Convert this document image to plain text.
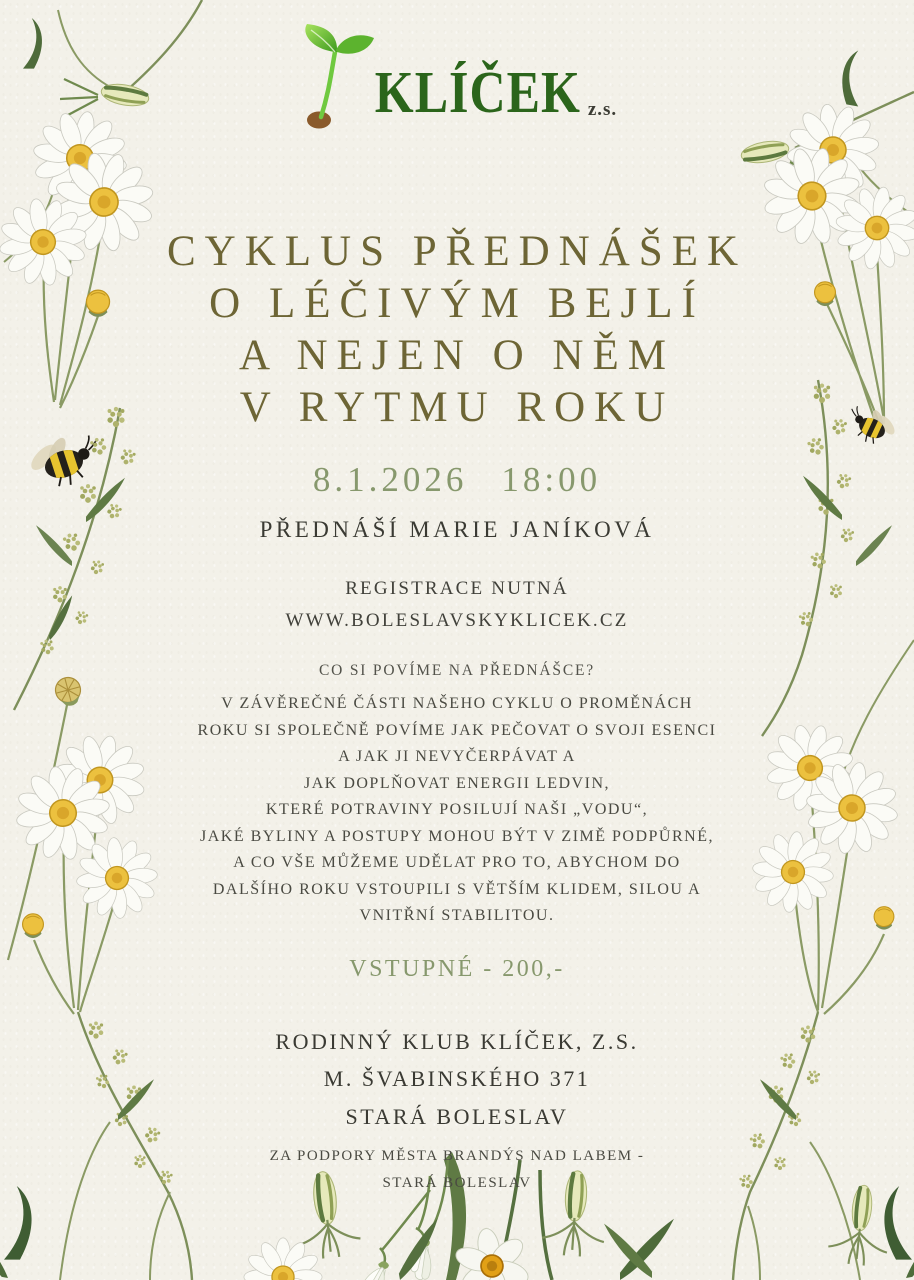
KLÍČEK z.s.
CYKLUS PŘEDNÁŠEK
O LÉČIVÝM BEJLÍ
A NEJEN O NĚM
V RYTMU ROKU
8.1.2026 18:00
PŘEDNÁŠÍ MARIE JANÍKOVÁ
REGISTRACE NUTNÁ
WWW.BOLESLAVSKYKLICEK.CZ
CO SI POVÍME NA PŘEDNÁŠCE?
V ZÁVĚREČNÉ ČÁSTI NAŠEHO CYKLU O PROMĚNÁCH
ROKU SI SPOLEČNĚ POVÍME JAK PEČOVAT O SVOJI ESENCI
A JAK JI NEVYČERPÁVAT A
JAK DOPLŇOVAT ENERGII LEDVIN,
KTERÉ POTRAVINY POSILUJÍ NAŠI „VODU“,
JAKÉ BYLINY A POSTUPY MOHOU BÝT V ZIMĚ PODPŮRNÉ,
A CO VŠE MŮŽEME UDĚLAT PRO TO, ABYCHOM DO
DALŠÍHO ROKU VSTOUPILI S VĚTŠÍM KLIDEM, SILOU A
VNITŘNÍ STABILITOU.
VSTUPNÉ - 200,-
RODINNÝ KLUB KLÍČEK, Z.S.
M. ŠVABINSKÉHO 371
STARÁ BOLESLAV
ZA PODPORY MĚSTA BRANDÝS NAD LABEM -
STARÁ BOLESLAV
